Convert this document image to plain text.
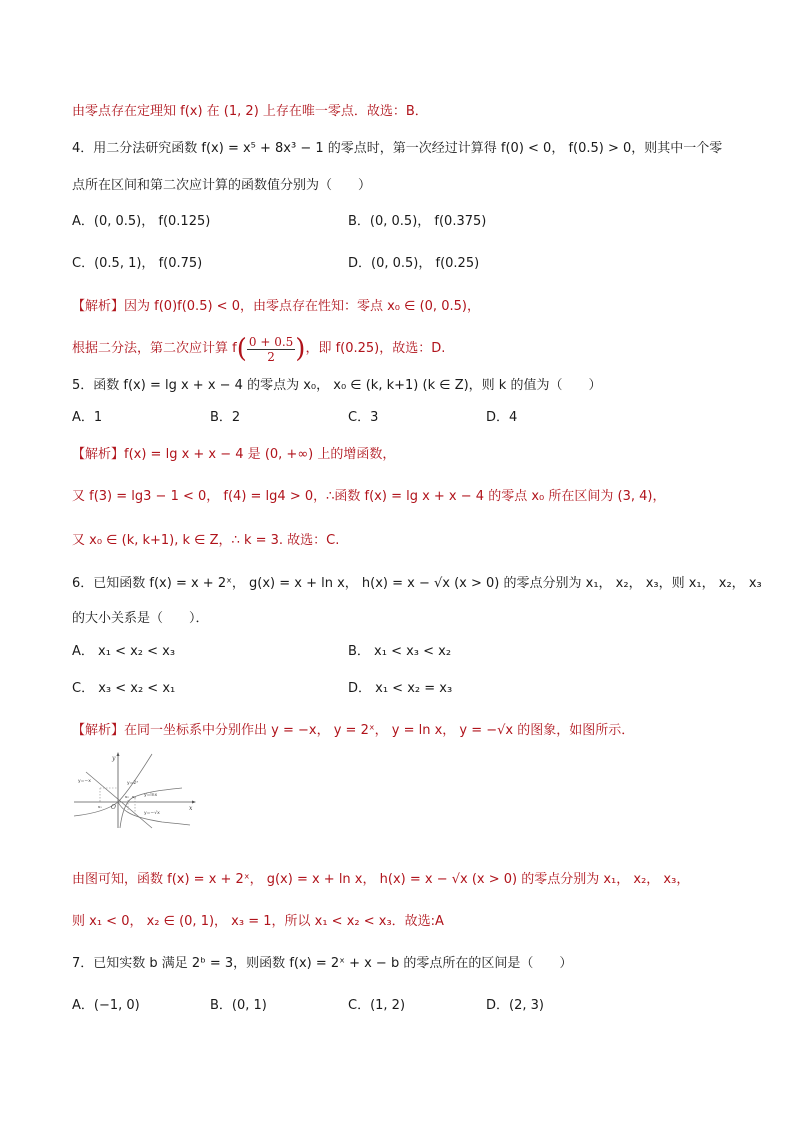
由零点存在定理知 f(x) 在 (1, 2) 上存在唯一零点．故选：B．
4．用二分法研究函数 f(x) = x⁵ + 8x³ − 1 的零点时，第一次经过计算得 f(0) < 0， f(0.5) > 0，则其中一个零
点所在区间和第二次应计算的函数值分别为（　　）
A．(0, 0.5)， f(0.125)	B．(0, 0.5)， f(0.375)
C．(0.5, 1)， f(0.75)	D．(0, 0.5)， f(0.25)
【解析】因为 f(0)f(0.5) < 0，由零点存在性知：零点 x₀ ∈ (0, 0.5)，
根据二分法，第二次应计算 f ( $\frac{0 + 0.5}{2}$ ) ，即 f(0.25)，故选：D.
5．函数 f(x) = lg x + x − 4 的零点为 x₀， x₀ ∈ (k, k+1) (k ∈ Z)，则 k 的值为（　　）
A．1	B．2	C．3	D．4
【解析】f(x) = lg x + x − 4 是 (0, +∞) 上的增函数，
又 f(3) = lg3 − 1 < 0， f(4) = lg4 > 0，∴函数 f(x) = lg x + x − 4 的零点 x₀ 所在区间为 (3, 4)，
又 x₀ ∈ (k, k+1), k ∈ Z，∴ k = 3. 故选：C.
6．已知函数 f(x) = x + 2ˣ， g(x) = x + ln x， h(x) = x − √x (x > 0) 的零点分别为 x₁， x₂， x₃，则 x₁， x₂， x₃
的大小关系是（　　）．
A． x₁ < x₂ < x₃	B． x₁ < x₃ < x₂
C． x₃ < x₂ < x₁	D． x₁ < x₂ = x₃
【解析】在同一坐标系中分别作出 y = −x， y = 2ˣ， y = ln x， y = −√x 的图象，如图所示．
y
x
O
y=−x	y=2ˣ
y=lnx
y=−√x
x₁
x₂ x₃
由图可知，函数 f(x) = x + 2ˣ， g(x) = x + ln x， h(x) = x − √x (x > 0) 的零点分别为 x₁， x₂， x₃，
则 x₁ < 0， x₂ ∈ (0, 1)， x₃ = 1，所以 x₁ < x₂ < x₃．故选:A
7．已知实数 b 满足 2ᵇ = 3，则函数 f(x) = 2ˣ + x − b 的零点所在的区间是（　　）
A．(−1, 0)	B．(0, 1)	C．(1, 2)	D．(2, 3)
